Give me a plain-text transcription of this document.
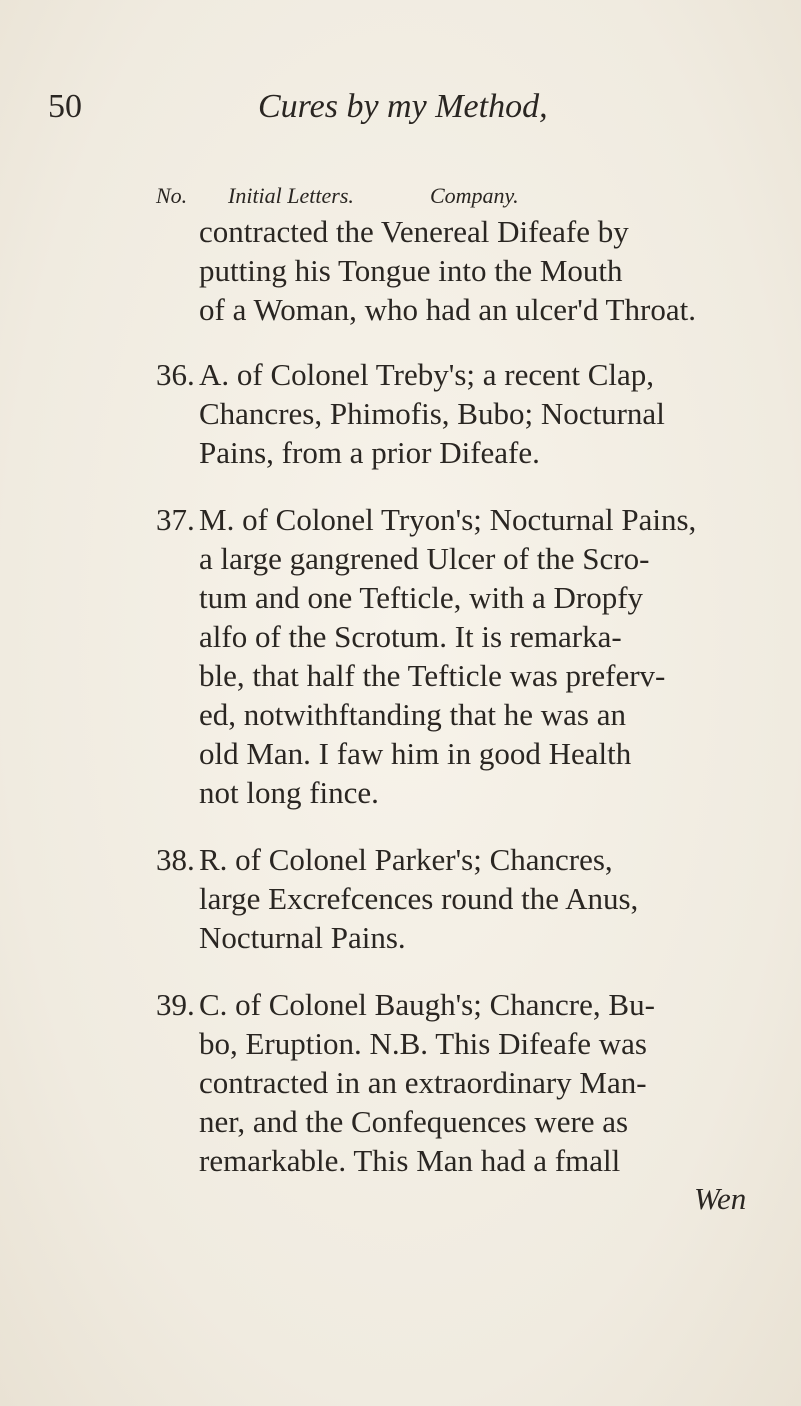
50	Cures by my Method,
No. Initial Letters.	Company.
contracted the Venereal Difeafe by
putting his Tongue into the Mouth
of a Woman, who had an ulcer'd Throat.
36. A. of Colonel Treby's; a recent Clap,
Chancres, Phimofis, Bubo; Nocturnal
Pains, from a prior Difeafe.
37. M. of Colonel Tryon's; Nocturnal Pains,
a large gangrened Ulcer of the Scro-
tum and one Tefticle, with a Dropfy
alfo of the Scrotum. It is remarka-
ble, that half the Tefticle was preferv-
ed, notwithftanding that he was an
old Man. I faw him in good Health
not long fince.
38. R. of Colonel Parker's; Chancres,
large Excrefcences round the Anus,
Nocturnal Pains.
39. C. of Colonel Baugh's; Chancre, Bu-
bo, Eruption. N.B. This Difeafe was
contracted in an extraordinary Man-
ner, and the Confequences were as
remarkable. This Man had a fmall
Wen
